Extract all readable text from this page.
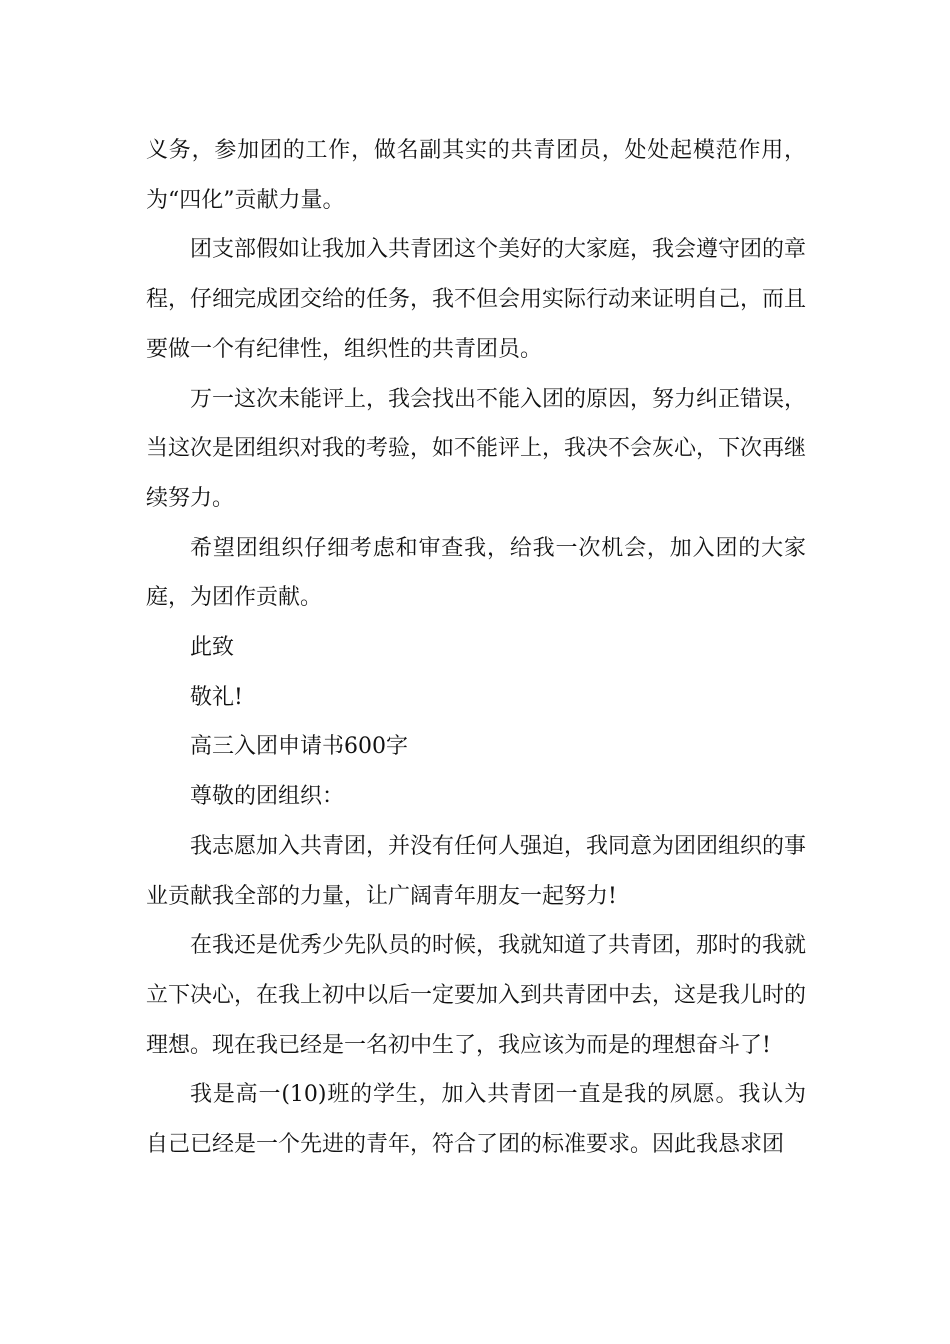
义务，参加团的工作，做名副其实的共青团员，处处起模范作用，为“四化”贡献力量。

团支部假如让我加入共青团这个美好的大家庭，我会遵守团的章程，仔细完成团交给的任务，我不但会用实际行动来证明自己，而且要做一个有纪律性，组织性的共青团员。

万一这次未能评上，我会找出不能入团的原因，努力纠正错误，当这次是团组织对我的考验，如不能评上，我决不会灰心，下次再继续努力。

希望团组织仔细考虑和审查我，给我一次机会，加入团的大家庭，为团作贡献。

此致

敬礼!

高三入团申请书600字

尊敬的团组织：

我志愿加入共青团，并没有任何人强迫，我同意为团团组织的事业贡献我全部的力量，让广阔青年朋友一起努力!

在我还是优秀少先队员的时候，我就知道了共青团，那时的我就立下决心，在我上初中以后一定要加入到共青团中去，这是我儿时的理想。现在我已经是一名初中生了，我应该为而是的理想奋斗了!

我是高一(10)班的学生，加入共青团一直是我的夙愿。我认为自己已经是一个先进的青年，符合了团的标准要求。因此我恳求团
